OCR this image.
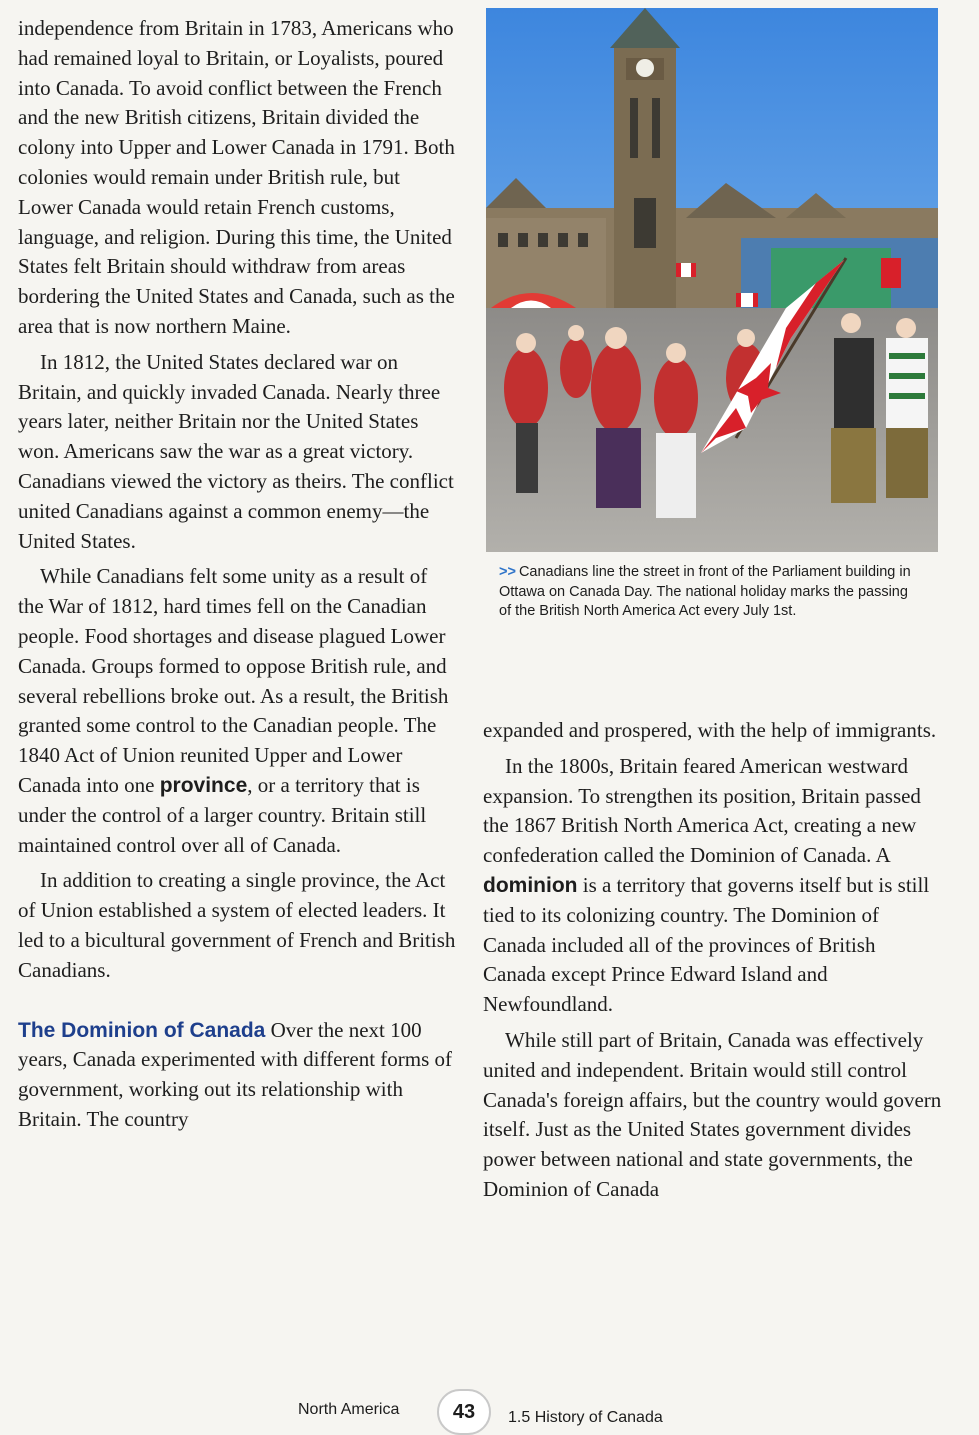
independence from Britain in 1783, Americans who had remained loyal to Britain, or Loyalists, poured into Canada. To avoid conflict between the French and the new British citizens, Britain divided the colony into Upper and Lower Canada in 1791. Both colonies would remain under British rule, but Lower Canada would retain French customs, language, and religion. During this time, the United States felt Britain should withdraw from areas bordering the United States and Canada, such as the area that is now northern Maine.

In 1812, the United States declared war on Britain, and quickly invaded Canada. Nearly three years later, neither Britain nor the United States won. Americans saw the war as a great victory. Canadians viewed the victory as theirs. The conflict united Canadians against a common enemy—the United States.

While Canadians felt some unity as a result of the War of 1812, hard times fell on the Canadian people. Food shortages and disease plagued Lower Canada. Groups formed to oppose British rule, and several rebellions broke out. As a result, the British granted some control to the Canadian people. The 1840 Act of Union reunited Upper and Lower Canada into one province, or a territory that is under the control of a larger country. Britain still maintained control over all of Canada.

In addition to creating a single province, the Act of Union established a system of elected leaders. It led to a bicultural government of French and British Canadians.

The Dominion of Canada Over the next 100 years, Canada experimented with different forms of government, working out its relationship with Britain. The country

>> Canadians line the street in front of the Parliament building in Ottawa on Canada Day. The national holiday marks the passing of the British North America Act every July 1st.

expanded and prospered, with the help of immigrants.

In the 1800s, Britain feared American westward expansion. To strengthen its position, Britain passed the 1867 British North America Act, creating a new confederation called the Dominion of Canada. A dominion is a territory that governs itself but is still tied to its colonizing country. The Dominion of Canada included all of the provinces of British Canada except Prince Edward Island and Newfoundland.

While still part of Britain, Canada was effectively united and independent. Britain would still control Canada's foreign affairs, but the country would govern itself. Just as the United States government divides power between national and state governments, the Dominion of Canada

North America	43	1.5 History of Canada
